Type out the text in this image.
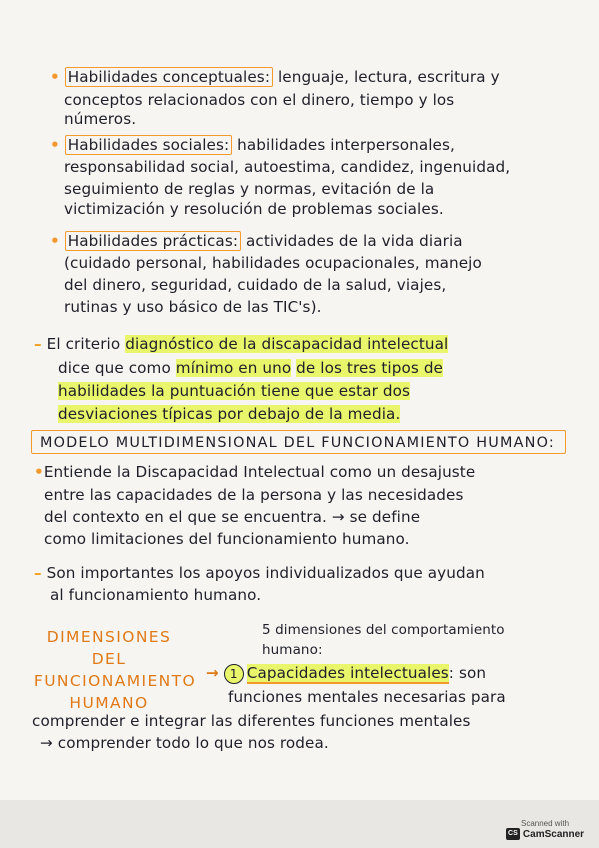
• Habilidades conceptuales: lenguaje, lectura, escritura y
conceptos relacionados con el dinero, tiempo y los
números.
• Habilidades sociales: habilidades interpersonales,
responsabilidad social, autoestima, candidez, ingenuidad,
seguimiento de reglas y normas, evitación de la
victimización y resolución de problemas sociales.
• Habilidades prácticas: actividades de la vida diaria
(cuidado personal, habilidades ocupacionales, manejo
del dinero, seguridad, cuidado de la salud, viajes,
rutinas y uso básico de las TIC's).
– El criterio diagnóstico de la discapacidad intelectual
dice que como mínimo en uno de los tres tipos de
habilidades la puntuación tiene que estar dos
desviaciones típicas por debajo de la media.
MODELO MULTIDIMENSIONAL DEL FUNCIONAMIENTO HUMANO:
•Entiende la Discapacidad Intelectual como un desajuste
entre las capacidades de la persona y las necesidades
del contexto en el que se encuentra. → se define
como limitaciones del funcionamiento humano.
– Son importantes los apoyos individualizados que ayudan
al funcionamiento humano.
DIMENSIONES
DEL
FUNCIONAMIENTO
HUMANO
5 dimensiones del comportamiento
humano:
→ 1 Capacidades intelectuales: son
funciones mentales necesarias para
comprender e integrar las diferentes funciones mentales
→ comprender todo lo que nos rodea.
Scanned with
CS CamScanner
